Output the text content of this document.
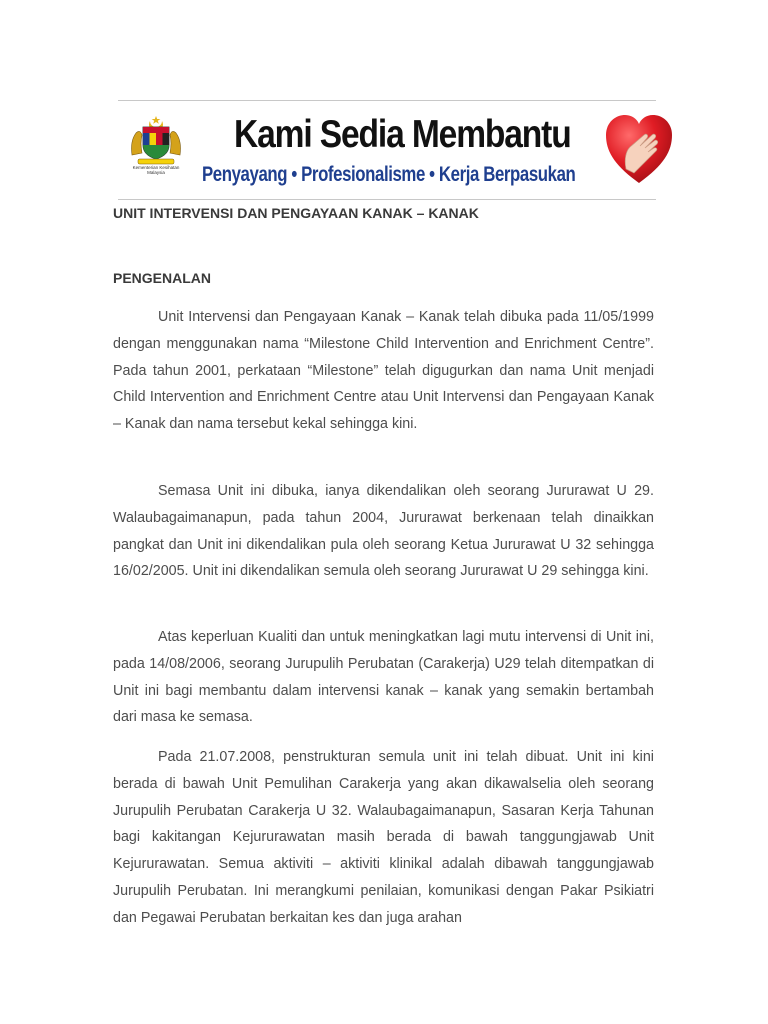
Kementerian Kesihatan Malaysia
Kami Sedia Membantu
Penyayang • Profesionalisme • Kerja Berpasukan
UNIT INTERVENSI DAN PENGAYAAN KANAK – KANAK
PENGENALAN

Unit Intervensi dan Pengayaan Kanak – Kanak telah dibuka pada 11/05/1999 dengan menggunakan nama “Milestone Child Intervention and Enrichment Centre”. Pada tahun 2001, perkataan “Milestone” telah digugurkan dan nama Unit menjadi Child Intervention and Enrichment Centre atau Unit Intervensi dan Pengayaan Kanak – Kanak dan nama tersebut kekal sehingga kini.

Semasa Unit ini dibuka, ianya dikendalikan oleh seorang Jururawat U 29. Walaubagaimanapun, pada tahun 2004, Jururawat berkenaan telah dinaikkan pangkat dan Unit ini dikendalikan pula oleh seorang Ketua Jururawat U 32 sehingga 16/02/2005. Unit ini dikendalikan semula oleh seorang Jururawat U 29 sehingga kini.

Atas keperluan Kualiti dan untuk meningkatkan lagi mutu intervensi di Unit ini, pada 14/08/2006, seorang Jurupulih Perubatan (Carakerja) U29 telah ditempatkan di Unit ini bagi membantu dalam intervensi kanak – kanak yang semakin bertambah dari masa ke semasa.

Pada 21.07.2008, penstrukturan semula unit ini telah dibuat. Unit ini kini berada di bawah Unit Pemulihan Carakerja yang akan dikawalselia oleh seorang Jurupulih Perubatan Carakerja U 32. Walaubagaimanapun, Sasaran Kerja Tahunan bagi kakitangan Kejururawatan masih berada di bawah tanggungjawab Unit Kejururawatan. Semua aktiviti – aktiviti klinikal adalah dibawah tanggungjawab Jurupulih Perubatan. Ini merangkumi penilaian, komunikasi dengan Pakar Psikiatri dan Pegawai Perubatan berkaitan kes dan juga arahan
